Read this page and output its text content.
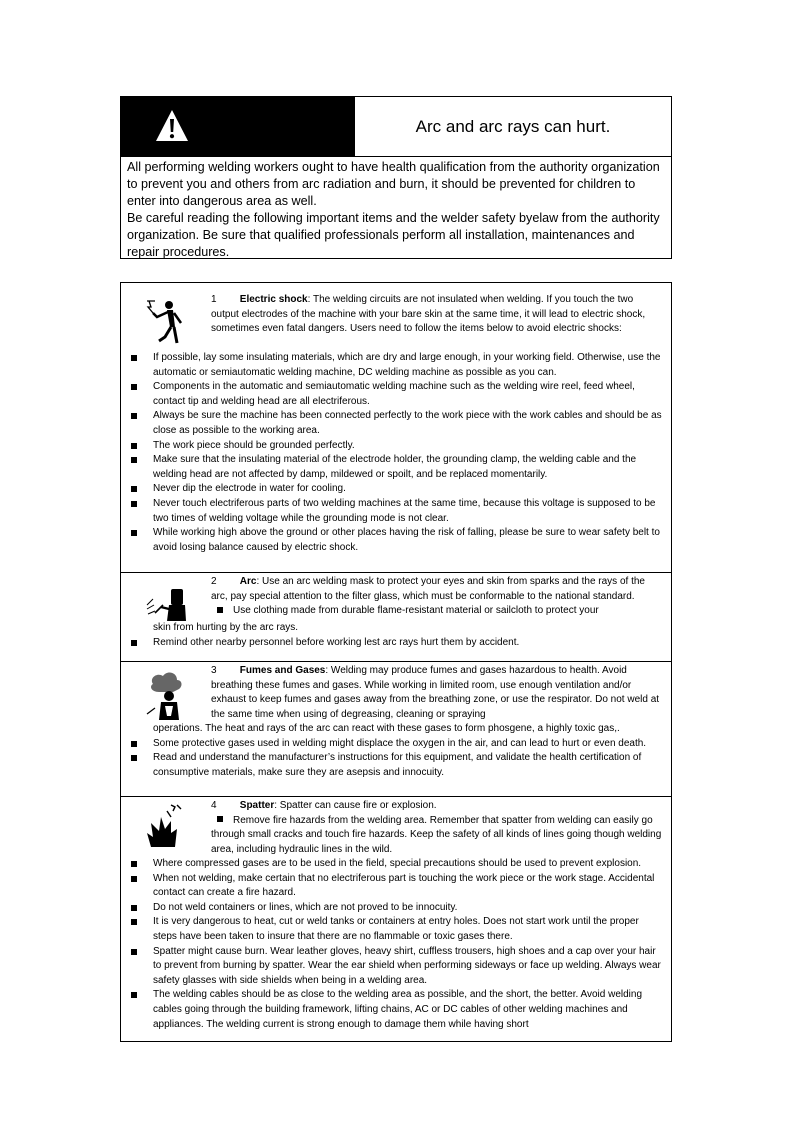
Arc and arc rays can hurt.

All performing welding workers ought to have health qualification from the authority organization to prevent you and others from arc radiation and burn, it should be prevented for children to enter into dangerous area as well.

Be careful reading the following important items and the welder safety byelaw from the authority organization. Be sure that qualified professionals perform all installation, maintenances and repair procedures.

1 Electric shock: The welding circuits are not insulated when welding. If you touch the two output electrodes of the machine with your bare skin at the same time, it will lead to electric shock, sometimes even fatal dangers. Users need to follow the items below to avoid electric shocks:

If possible, lay some insulating materials, which are dry and large enough, in your working field. Otherwise, use the automatic or semiautomatic welding machine, DC welding machine as possible as you can.

Components in the automatic and semiautomatic welding machine such as the welding wire reel, feed wheel, contact tip and welding head are all electriferous.

Always be sure the machine has been connected perfectly to the work piece with the work cables and should be as close as possible to the working area.

The work piece should be grounded perfectly.

Make sure that the insulating material of the electrode holder, the grounding clamp, the welding cable and the welding head are not affected by damp, mildewed or spoilt, and be replaced momentarily.

Never dip the electrode in water for cooling.

Never touch electriferous parts of two welding machines at the same time, because this voltage is supposed to be two times of welding voltage while the grounding mode is not clear.

While working high above the ground or other places having the risk of falling, please be sure to wear safety belt to avoid losing balance caused by electric shock.

2 Arc: Use an arc welding mask to protect your eyes and skin from sparks and the rays of the arc, pay special attention to the filter glass, which must be conformable to the national standard.
Use clothing made from durable flame-resistant material or sailcloth to protect your

skin from hurting by the arc rays.

Remind other nearby personnel before working lest arc rays hurt them by accident.

3 Fumes and Gases: Welding may produce fumes and gases hazardous to health. Avoid breathing these fumes and gases. While working in limited room, use enough ventilation and/or exhaust to keep fumes and gases away from the breathing zone, or use the respirator. Do not weld at the same time when using of degreasing, cleaning or spraying

operations. The heat and rays of the arc can react with these gases to form phosgene, a highly toxic gas,.

Some protective gases used in welding might displace the oxygen in the air, and can lead to hurt or even death.

Read and understand the manufacturer’s instructions for this equipment, and validate the health certification of consumptive materials, make sure they are asepsis and innocuity.

4 Spatter: Spatter can cause fire or explosion.
Remove fire hazards from the welding area. Remember that spatter from welding can easily go through small cracks and touch fire hazards. Keep the safety of all kinds of lines going though welding area, including hydraulic lines in the wild.

Where compressed gases are to be used in the field, special precautions should be used to prevent explosion.

When not welding, make certain that no electriferous part is touching the work piece or the work stage. Accidental contact can create a fire hazard.

Do not weld containers or lines, which are not proved to be innocuity.

It is very dangerous to heat, cut or weld tanks or containers at entry holes. Does not start work until the proper steps have been taken to insure that there are no flammable or toxic gases there.

Spatter might cause burn. Wear leather gloves, heavy shirt, cuffless trousers, high shoes and a cap over your hair to prevent from burning by spatter. Wear the ear shield when performing sideways or face up welding. Always wear safety glasses with side shields when being in a welding area.

The welding cables should be as close to the welding area as possible, and the short, the better. Avoid welding cables going through the building framework, lifting chains, AC or DC cables of other welding machines and appliances. The welding current is strong enough to damage them while having short
